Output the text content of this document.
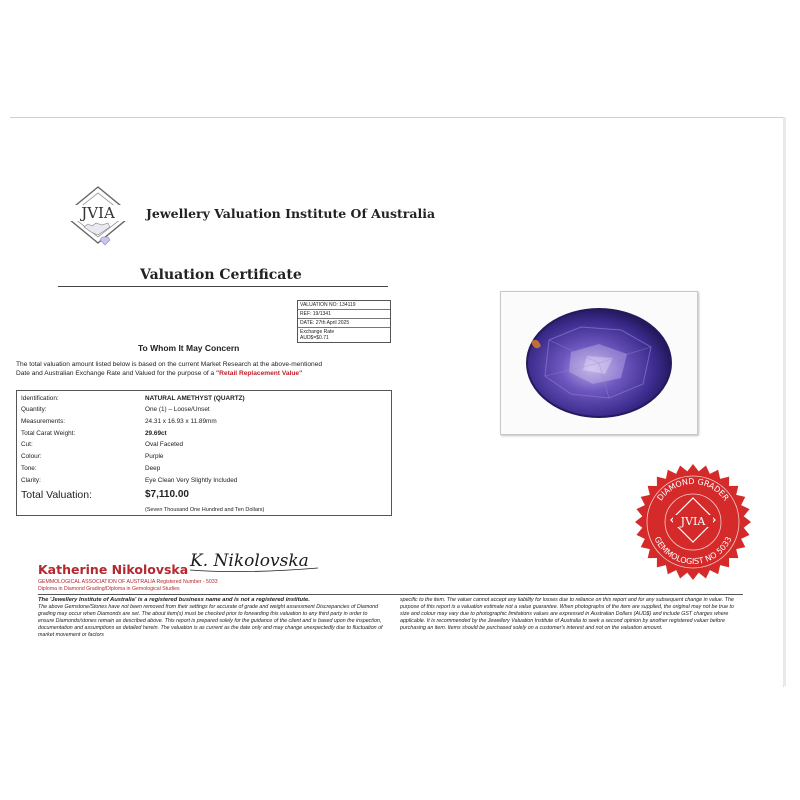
JVIA Jewellery Valuation Institute Of Australia
Valuation Certificate
VALUATION NO: 134119
REF: 19/1341
DATE: 27th April 2025
Exchange Rate
AUD$=$0.71
To Whom It May Concern
The total valuation amount listed below is based on the current Market Research at the above-mentioned
Date and Australian Exchange Rate and Valued for the purpose of a "Retail Replacement Value"
Identification:	NATURAL AMETHYST (QUARTZ)
Quantity:	One (1) – Loose/Unset
Measurements:	24.31 x 16.93 x 11.89mm
Total Carat Weight:	29.69ct
Cut:	Oval Faceted
Colour:	Purple
Tone:	Deep
Clarity:	Eye Clean Very Slightly Included
Total Valuation:	$7,110.00
(Seven Thousand One Hundred and Ten Dollars)
DIAMOND GRADER
GEMMOLOGIST NO 5033
JVIA
Katherine Nikolovska K. Nikolovska
GEMMOLOGICAL ASSOCIATION OF AUSTRALIA Registered Number - 5033
Diploma in Diamond Grading/Diploma in Gemological Studies
The 'Jewellery Institute of Australia' is a registered business name and is not a registered institute.
The above Gemstone/Stones have not been removed from their settings for accurate of grade and weight assessment Discrepancies of Diamond grading may occur when Diamonds are set. The about item(s) must be checked prior to forwarding this valuation to any third party in order to ensure Diamonds/stones remain as described above. This report is prepared solely for the guidance of the client and is based upon the inspection, documentation and assumptions as detailed herein. The valuation is as current as the date only and may change unexpectedly due to fluctuation of market movement or factors
specific to the item. The valuer cannot accept any liability for losses due to reliance on this report and for any subsequent change in value. The purpose of this report is a valuation estimate not a value guarantee. When photographs of the item are supplied, the original may not be true to size and colour may vary due to photographic limitations values are expressed in Australian Dollars (AUD$) and include GST charges where applicable. It is recommended by the Jewellery Valuation Institute of Australia to seek a second opinion by another registered valuer before purchasing an item. Items should be purchased solely on a customer's interest and not on the valuation amount.
